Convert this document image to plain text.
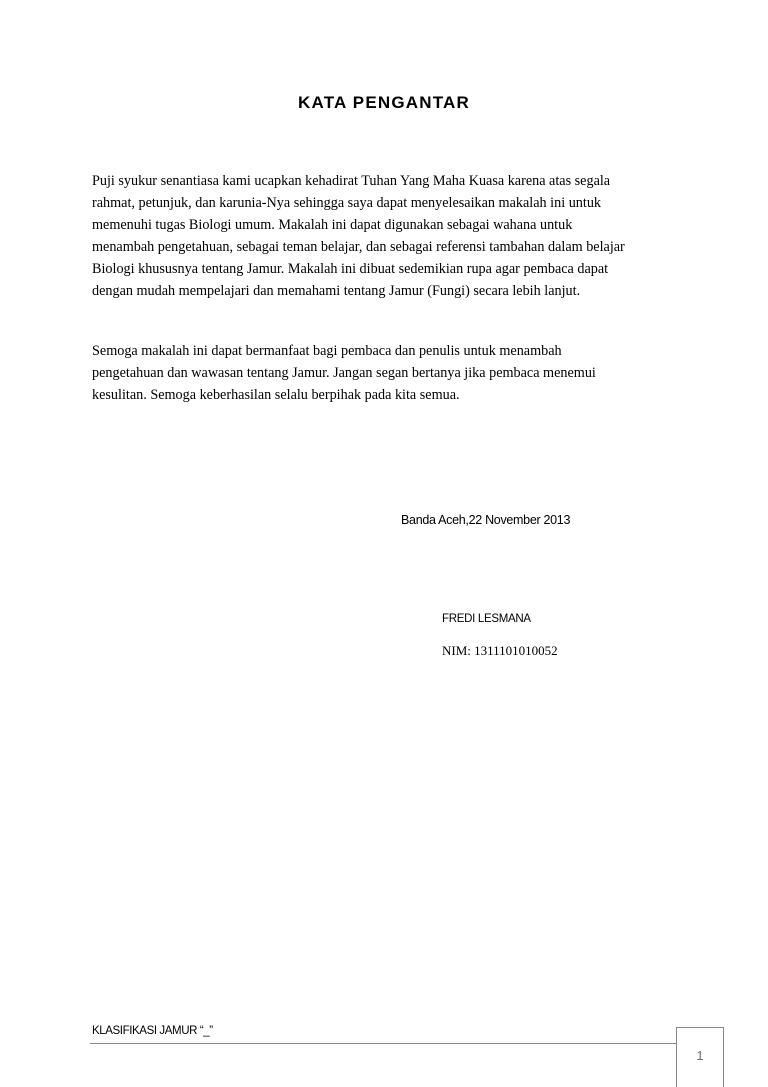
KATA PENGANTAR
Puji syukur senantiasa kami ucapkan kehadirat Tuhan Yang Maha Kuasa karena atas segala
rahmat, petunjuk, dan karunia-Nya sehingga saya dapat menyelesaikan makalah ini untuk
memenuhi tugas Biologi umum. Makalah ini dapat digunakan sebagai wahana untuk
menambah pengetahuan, sebagai teman belajar, dan sebagai referensi tambahan dalam belajar
Biologi khususnya tentang Jamur. Makalah ini dibuat sedemikian rupa agar pembaca dapat
dengan mudah mempelajari dan memahami tentang Jamur (Fungi) secara lebih lanjut.
Semoga makalah ini dapat bermanfaat bagi pembaca dan penulis untuk menambah
pengetahuan dan wawasan tentang Jamur. Jangan segan bertanya jika pembaca menemui
kesulitan. Semoga keberhasilan selalu berpihak pada kita semua.
Banda Aceh,22 November 2013
FREDI LESMANA
NIM: 1311101010052
KLASIFIKASI JAMUR “_”
1
